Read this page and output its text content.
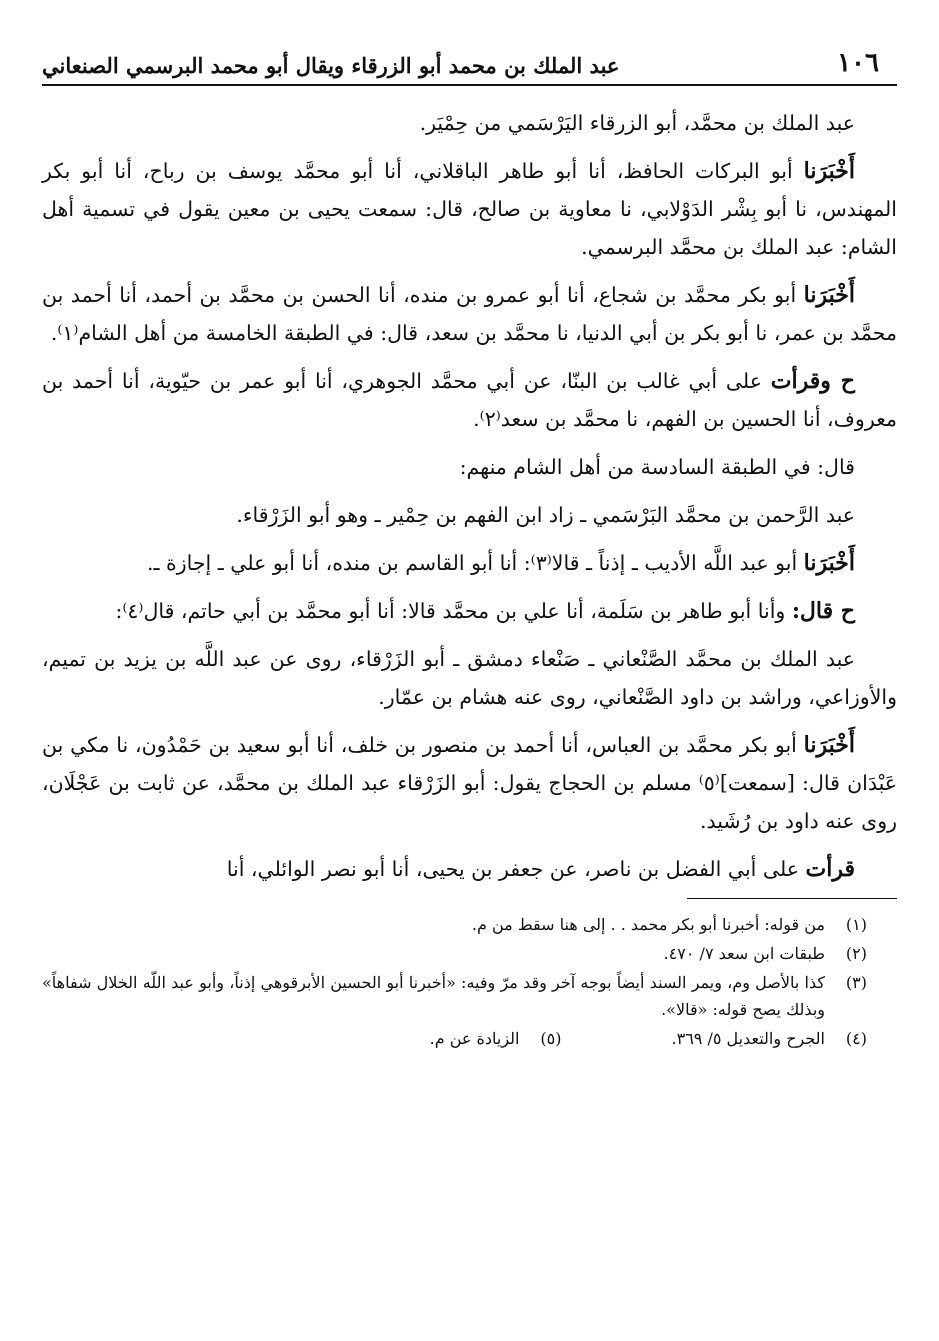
١٠٦
عبد الملك بن محمد أبو الزرقاء ويقال أبو محمد البرسمي الصنعاني

عبد الملك بن محمَّد، أبو الزرقاء اليَرْسَمي من حِمْيَر.

أَخْبَرَنا أبو البركات الحافظ، أنا أبو طاهر الباقلاني، أنا أبو محمَّد يوسف بن رباح، أنا أبو بكر المهندس، نا أبو بِشْر الدَوْلابي، نا معاوية بن صالح، قال: سمعت يحيى بن معين يقول في تسمية أهل الشام: عبد الملك بن محمَّد البرسمي.

أَخْبَرَنا أبو بكر محمَّد بن شجاع، أنا أبو عمرو بن منده، أنا الحسن بن محمَّد بن أحمد، أنا أحمد بن محمَّد بن عمر، نا أبو بكر بن أبي الدنيا، نا محمَّد بن سعد، قال: في الطبقة الخامسة من أهل الشام⁽١⁾.

ح وقرأت على أبي غالب بن البنّا، عن أبي محمَّد الجوهري، أنا أبو عمر بن حيّوية، أنا أحمد بن معروف، أنا الحسين بن الفهم، نا محمَّد بن سعد⁽٢⁾.

قال: في الطبقة السادسة من أهل الشام منهم:

عبد الرَّحمن بن محمَّد البَرْسَمي ـ زاد ابن الفهم بن حِمْير ـ وهو أبو الزَرْقاء.

أَخْبَرَنا أبو عبد اللَّه الأديب ـ إذناً ـ قالا⁽٣⁾: أنا أبو القاسم بن منده، أنا أبو علي ـ إجازة ـ.

ح قال: وأنا أبو طاهر بن سَلَمة، أنا علي بن محمَّد قالا: أنا أبو محمَّد بن أبي حاتم، قال⁽٤⁾:

عبد الملك بن محمَّد الصَّنْعاني ـ صَنْعاء دمشق ـ أبو الزَرْقاء، روى عن عبد اللَّه بن يزيد بن تميم، والأوزاعي، وراشد بن داود الصَّنْعاني، روى عنه هشام بن عمّار.

أَخْبَرَنا أبو بكر محمَّد بن العباس، أنا أحمد بن منصور بن خلف، أنا أبو سعيد بن حَمْدُون، نا مكي بن عَبْدَان قال: [سمعت]⁽٥⁾ مسلم بن الحجاج يقول: أبو الزَرْقاء عبد الملك بن محمَّد، عن ثابت بن عَجْلَان، روى عنه داود بن رُشَيد.

قرأت على أبي الفضل بن ناصر، عن جعفر بن يحيى، أنا أبو نصر الوائلي، أنا

(١)
من قوله: أخبرنا أبو بكر محمد . . إلى هنا سقط من م.
(٢)
طبقات ابن سعد ٧/ ٤٧٠.
(٣)
كذا بالأصل وم، ويمر السند أيضاً بوجه آخر وقد مرّ وفيه: «أخبرنا أبو الحسين الأبرقوهي إذناً، وأبو عبد اللّه الخلال شفاهاً» وبذلك يصح قوله: «قالا».
(٤)
الجرح والتعديل ٥/ ٣٦٩.
(٥)
الزيادة عن م.
